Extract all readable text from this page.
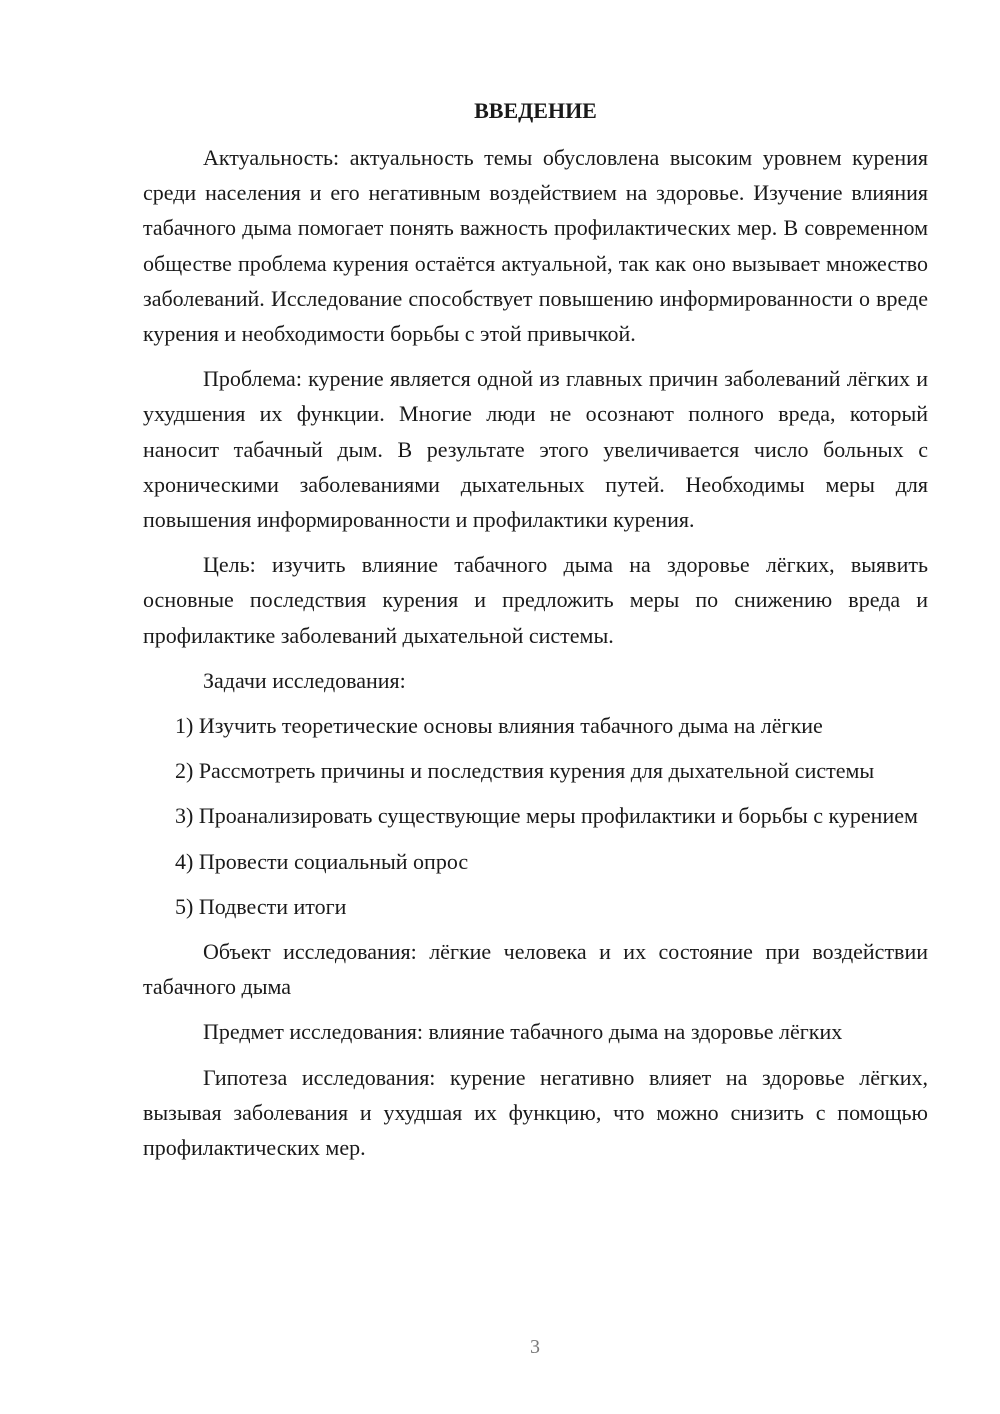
ВВЕДЕНИЕ

Актуальность: актуальность темы обусловлена высоким уровнем курения среди населения и его негативным воздействием на здоровье. Изучение влияния табачного дыма помогает понять важность профилактических мер. В современном обществе проблема курения остаётся актуальной, так как оно вызывает множество заболеваний. Исследование способствует повышению информированности о вреде курения и необходимости борьбы с этой привычкой.

Проблема: курение является одной из главных причин заболеваний лёгких и ухудшения их функции. Многие люди не осознают полного вреда, который наносит табачный дым. В результате этого увеличивается число больных с хроническими заболеваниями дыхательных путей. Необходимы меры для повышения информированности и профилактики курения.

Цель: изучить влияние табачного дыма на здоровье лёгких, выявить основные последствия курения и предложить меры по снижению вреда и профилактике заболеваний дыхательной системы.

Задачи исследования:

1) Изучить теоретические основы влияния табачного дыма на лёгкие

2) Рассмотреть причины и последствия курения для дыхательной системы

3) Проанализировать существующие меры профилактики и борьбы с курением

4) Провести социальный опрос

5) Подвести итоги

Объект исследования: лёгкие человека и их состояние при воздействии табачного дыма

Предмет исследования: влияние табачного дыма на здоровье лёгких

Гипотеза исследования: курение негативно влияет на здоровье лёгких, вызывая заболевания и ухудшая их функцию, что можно снизить с помощью профилактических мер.

3
